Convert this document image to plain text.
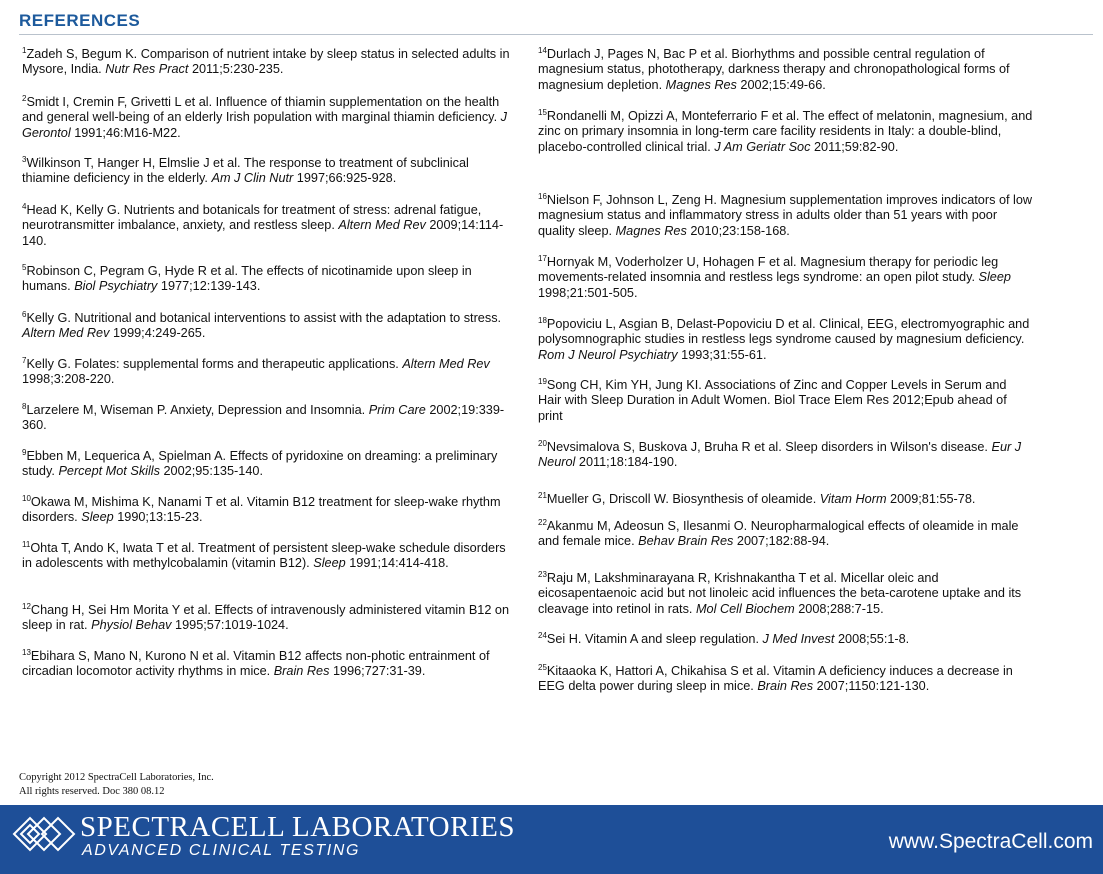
REFERENCES
$^1$Zadeh S, Begum K. Comparison of nutrient intake by sleep status in selected adults in Mysore, India. Nutr Res Pract 2011;5:230-235.
$^2$Smidt I, Cremin F, Grivetti L et al. Influence of thiamin supplementation on the health and general well-being of an elderly Irish population with marginal thiamin deficiency. J Gerontol 1991;46:M16-M22.
$^3$Wilkinson T, Hanger H, Elmslie J et al. The response to treatment of subclinical thiamine deficiency in the elderly. Am J Clin Nutr 1997;66:925-928.
$^4$Head K, Kelly G. Nutrients and botanicals for treatment of stress: adrenal fatigue, neurotransmitter imbalance, anxiety, and restless sleep. Altern Med Rev 2009;14:114-140.
$^5$Robinson C, Pegram G, Hyde R et al. The effects of nicotinamide upon sleep in humans. Biol Psychiatry 1977;12:139-143.
$^6$Kelly G. Nutritional and botanical interventions to assist with the adaptation to stress. Altern Med Rev 1999;4:249-265.
$^7$Kelly G. Folates: supplemental forms and therapeutic applications. Altern Med Rev 1998;3:208-220.
$^8$Larzelere M, Wiseman P. Anxiety, Depression and Insomnia. Prim Care 2002;19:339-360.
$^9$Ebben M, Lequerica A, Spielman A. Effects of pyridoxine on dreaming: a preliminary study. Percept Mot Skills 2002;95:135-140.
$^{10}$Okawa M, Mishima K, Nanami T et al. Vitamin B12 treatment for sleep-wake rhythm disorders. Sleep 1990;13:15-23.
$^{11}$Ohta T, Ando K, Iwata T et al. Treatment of persistent sleep-wake schedule disorders in adolescents with methylcobalamin (vitamin B12). Sleep 1991;14:414-418.
$^{12}$Chang H, Sei Hm Morita Y et al. Effects of intravenously administered vitamin B12 on sleep in rat. Physiol Behav 1995;57:1019-1024.
$^{13}$Ebihara S, Mano N, Kurono N et al. Vitamin B12 affects non-photic entrainment of circadian locomotor activity rhythms in mice. Brain Res 1996;727:31-39.
$^{14}$Durlach J, Pages N, Bac P et al. Biorhythms and possible central regulation of magnesium status, phototherapy, darkness therapy and chronopathological forms of magnesium depletion. Magnes Res 2002;15:49-66.
$^{15}$Rondanelli M, Opizzi A, Monteferrario F et al. The effect of melatonin, magnesium, and zinc on primary insomnia in long-term care facility residents in Italy: a double-blind, placebo-controlled clinical trial. J Am Geriatr Soc 2011;59:82-90.
$^{16}$Nielson F, Johnson L, Zeng H. Magnesium supplementation improves indicators of low magnesium status and inflammatory stress in adults older than 51 years with poor quality sleep. Magnes Res 2010;23:158-168.
$^{17}$Hornyak M, Voderholzer U, Hohagen F et al. Magnesium therapy for periodic leg movements-related insomnia and restless legs syndrome: an open pilot study. Sleep 1998;21:501-505.
$^{18}$Popoviciu L, Asgian B, Delast-Popoviciu D et al. Clinical, EEG, electromyographic and polysomnographic studies in restless legs syndrome caused by magnesium deficiency. Rom J Neurol Psychiatry 1993;31:55-61.
$^{19}$Song CH, Kim YH, Jung KI. Associations of Zinc and Copper Levels in Serum and Hair with Sleep Duration in Adult Women. Biol Trace Elem Res 2012;Epub ahead of print
$^{20}$Nevsimalova S, Buskova J, Bruha R et al. Sleep disorders in Wilson's disease. Eur J Neurol 2011;18:184-190.
$^{21}$Mueller G, Driscoll W. Biosynthesis of oleamide. Vitam Horm 2009;81:55-78.
$^{22}$Akanmu M, Adeosun S, Ilesanmi O. Neuropharmalogical effects of oleamide in male and female mice. Behav Brain Res 2007;182:88-94.
$^{23}$Raju M, Lakshminarayana R, Krishnakantha T et al. Micellar oleic and eicosapentaenoic acid but not linoleic acid influences the beta-carotene uptake and its cleavage into retinol in rats. Mol Cell Biochem 2008;288:7-15.
$^{24}$Sei H. Vitamin A and sleep regulation. J Med Invest 2008;55:1-8.
$^{25}$Kitaaoka K, Hattori A, Chikahisa S et al. Vitamin A deficiency induces a decrease in EEG delta power during sleep in mice. Brain Res 2007;1150:121-130.
Copyright 2012 SpectraCell Laboratories, Inc.
All rights reserved. Doc 380 08.12
SPECTRACELL LABORATORIES
ADVANCED CLINICAL TESTING	www.SpectraCell.com
